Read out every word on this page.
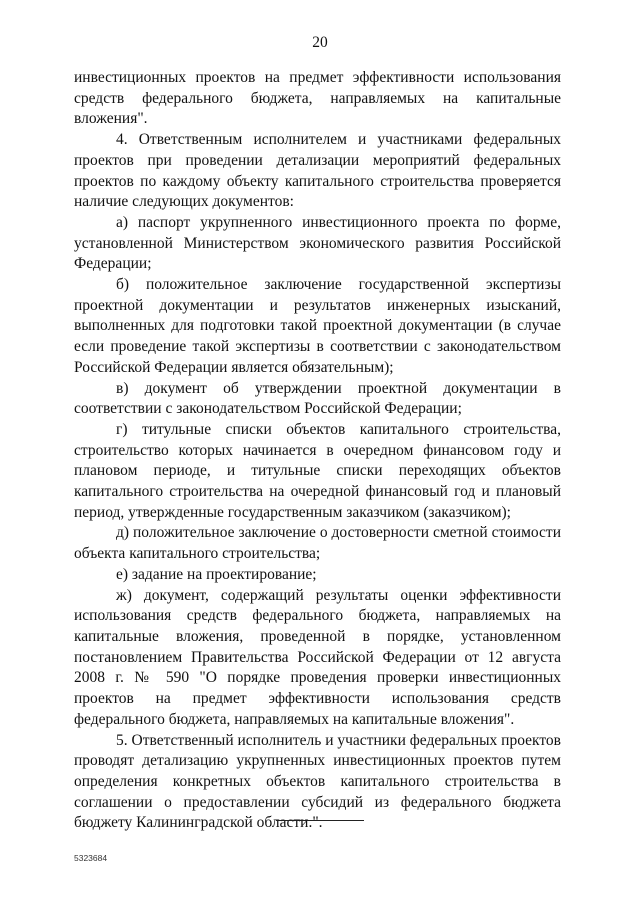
20

инвестиционных проектов на предмет эффективности использования средств федерального бюджета, направляемых на капитальные вложения".

4. Ответственным исполнителем и участниками федеральных проектов при проведении детализации мероприятий федеральных проектов по каждому объекту капитального строительства проверяется наличие следующих документов:

а) паспорт укрупненного инвестиционного проекта по форме, установленной Министерством экономического развития Российской Федерации;

б) положительное заключение государственной экспертизы проектной документации и результатов инженерных изысканий, выполненных для подготовки такой проектной документации (в случае если проведение такой экспертизы в соответствии с законодательством Российской Федерации является обязательным);

в) документ об утверждении проектной документации в соответствии с законодательством Российской Федерации;

г) титульные списки объектов капитального строительства, строительство которых начинается в очередном финансовом году и плановом периоде, и титульные списки переходящих объектов капитального строительства на очередной финансовый год и плановый период, утвержденные государственным заказчиком (заказчиком);

д) положительное заключение о достоверности сметной стоимости объекта капитального строительства;

е) задание на проектирование;

ж) документ, содержащий результаты оценки эффективности использования средств федерального бюджета, направляемых на капитальные вложения, проведенной в порядке, установленном постановлением Правительства Российской Федерации от 12 августа 2008 г. № 590 "О порядке проведения проверки инвестиционных проектов на предмет эффективности использования средств федерального бюджета, направляемых на капитальные вложения".

5. Ответственный исполнитель и участники федеральных проектов проводят детализацию укрупненных инвестиционных проектов путем определения конкретных объектов капитального строительства в соглашении о предоставлении субсидий из федерального бюджета бюджету Калининградской области.".

5323684
